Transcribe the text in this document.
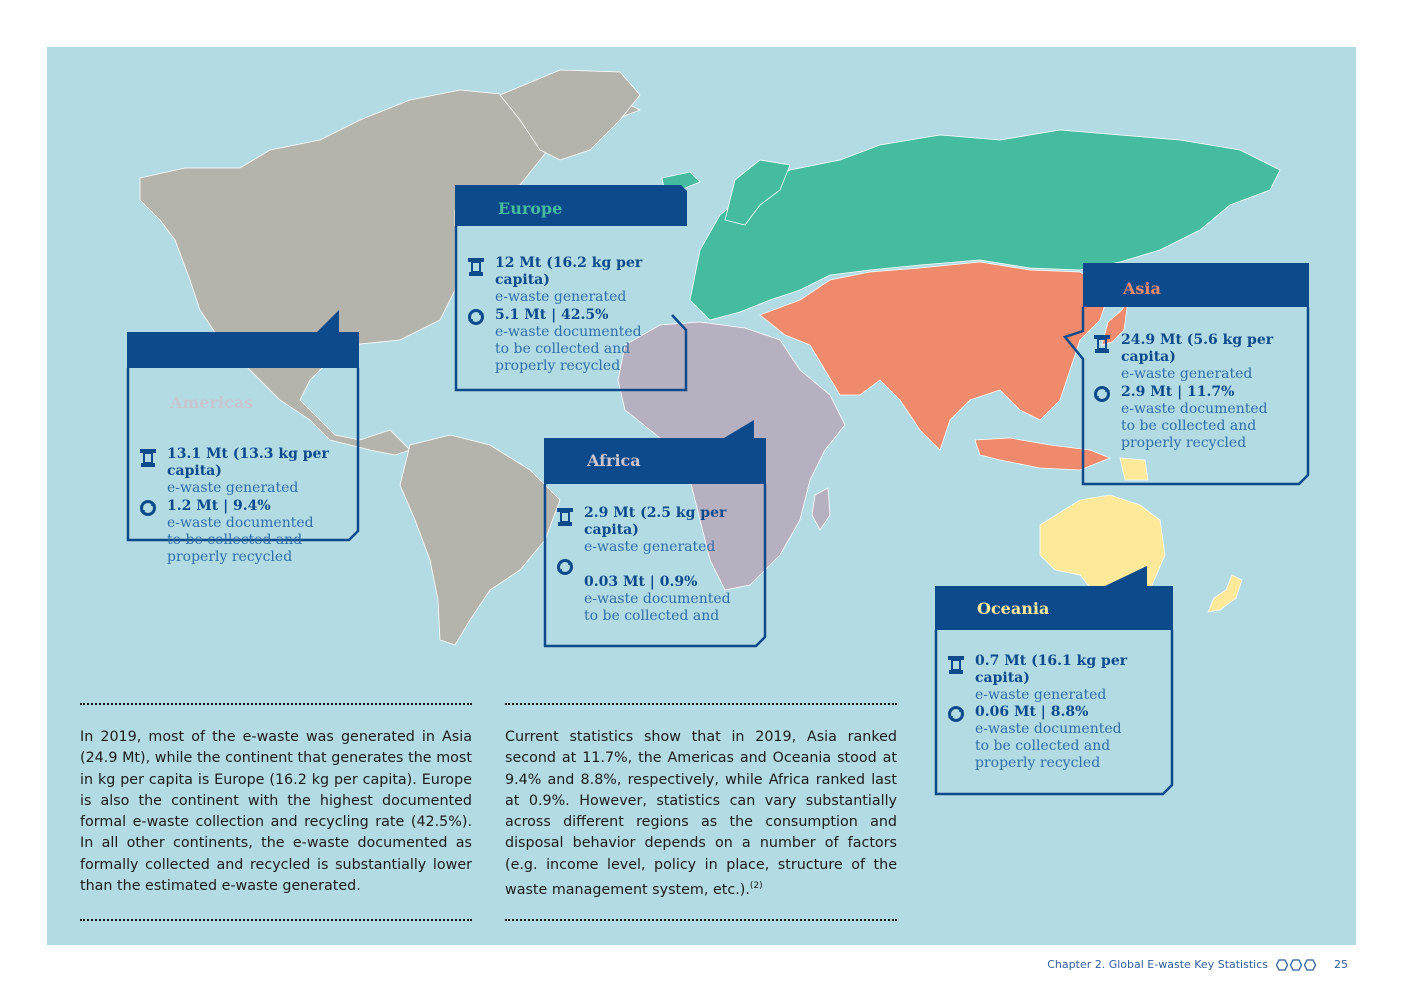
Europe
12 Mt (16.2 kg per capita)
e-waste generated
5.1 Mt | 42.5%
e-waste documented
to be collected and
properly recycled
Americas
13.1 Mt (13.3 kg per capita)
e-waste generated
1.2 Mt | 9.4%
e-waste documented
to be collected and
properly recycled
Africa
2.9 Mt (2.5 kg per
capita)
e-waste generated
0.03 Mt | 0.9%
e-waste documented
to be collected and
Asia
24.9 Mt (5.6 kg per capita)
e-waste generated
2.9 Mt | 11.7%
e-waste documented
to be collected and
properly recycled
Oceania
0.7 Mt (16.1 kg per capita)
e-waste generated
0.06 Mt | 8.8%
e-waste documented
to be collected and
properly recycled

In 2019, most of the e-waste was generated in Asia (24.9 Mt), while the continent that generates the most in kg per capita is Europe (16.2 kg per capita). Europe is also the continent with the highest documented formal e-waste collection and recycling rate (42.5%). In all other continents, the e-waste documented as formally collected and recycled is substantially lower than the estimated e-waste generated.

Current statistics show that in 2019, Asia ranked second at 11.7%, the Americas and Oceania stood at 9.4% and 8.8%, respectively, while Africa ranked last at 0.9%. However, statistics can vary substantially across different regions as the consumption and disposal behavior depends on a number of factors (e.g. income level, policy in place, structure of the waste management system, etc.).$^{(2)}$

Chapter 2. Global E-waste Key Statistics	25
